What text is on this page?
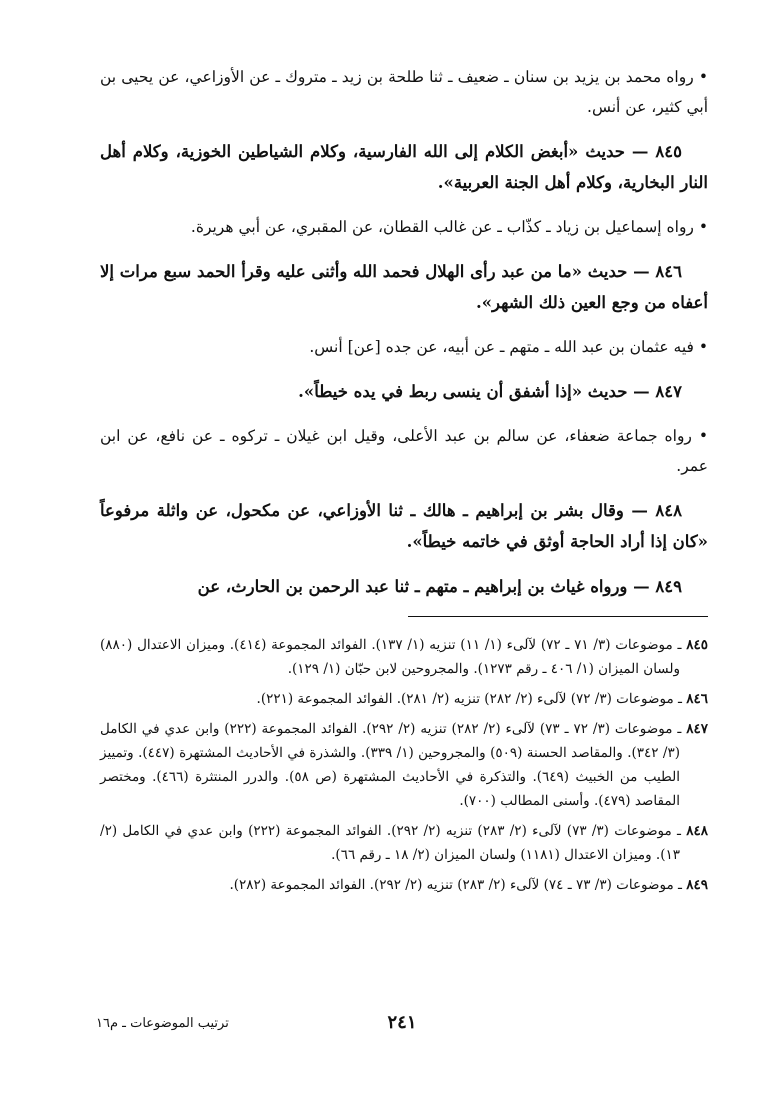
• رواه محمد بن يزيد بن سنان ـ ضعيف ـ ثنا طلحة بن زيد ـ متروك ـ عن الأوزاعي، عن يحيى بن أبي كثير، عن أنس.

٨٤٥ — حديث «أبغض الكلام إلى الله الفارسية، وكلام الشياطين الخوزية، وكلام أهل النار البخارية، وكلام أهل الجنة العربية».

• رواه إسماعيل بن زياد ـ كذّاب ـ عن غالب القطان، عن المقبري، عن أبي هريرة.

٨٤٦ — حديث «ما من عبد رأى الهلال فحمد الله وأثنى عليه وقرأ الحمد سبع مرات إلا أعفاه من وجع العين ذلك الشهر».

• فيه عثمان بن عبد الله ـ متهم ـ عن أبيه، عن جده [عن] أنس.

٨٤٧ — حديث «إذا أشفق أن ينسى ربط في يده خيطاً».

• رواه جماعة ضعفاء، عن سالم بن عبد الأعلى، وقيل ابن غيلان ـ تركوه ـ عن نافع، عن ابن عمر.

٨٤٨ — وقال بشر بن إبراهيم ـ هالك ـ ثنا الأوزاعي، عن مكحول، عن واثلة مرفوعاً «كان إذا أراد الحاجة أوثق في خاتمه خيطاً».

٨٤٩ — ورواه غياث بن إبراهيم ـ متهم ـ ثنا عبد الرحمن بن الحارث، عن

٨٤٥ ـ موضوعات (٣/ ٧١ ـ ٧٢) لآلىء (١/ ١١) تنزيه (١/ ١٣٧). الفوائد المجموعة (٤١٤). وميزان الاعتدال (٨٨٠) ولسان الميزان (١/ ٤٠٦ ـ رقم ١٢٧٣). والمجروحين لابن حبّان (١/ ١٢٩).

٨٤٦ ـ موضوعات (٣/ ٧٢) لآلىء (٢/ ٢٨٢) تنزيه (٢/ ٢٨١). الفوائد المجموعة (٢٢١).

٨٤٧ ـ موضوعات (٣/ ٧٢ ـ ٧٣) لآلىء (٢/ ٢٨٢) تنزيه (٢/ ٢٩٢). الفوائد المجموعة (٢٢٢) وابن عدي في الكامل (٣/ ٣٤٢). والمقاصد الحسنة (٥٠٩) والمجروحين (١/ ٣٣٩). والشذرة في الأحاديث المشتهرة (٤٤٧). وتمييز الطيب من الخبيث (٦٤٩). والتذكرة في الأحاديث المشتهرة (ص ٥٨). والدرر المنتثرة (٤٦٦). ومختصر المقاصد (٤٧٩). وأسنى المطالب (٧٠٠).

٨٤٨ ـ موضوعات (٣/ ٧٣) لآلىء (٢/ ٢٨٣) تنزيه (٢/ ٢٩٢). الفوائد المجموعة (٢٢٢) وابن عدي في الكامل (٢/ ١٣). وميزان الاعتدال (١١٨١) ولسان الميزان (٢/ ١٨ ـ رقم ٦٦).

٨٤٩ ـ موضوعات (٣/ ٧٣ ـ ٧٤) لآلىء (٢/ ٢٨٣) تنزيه (٢/ ٢٩٢). الفوائد المجموعة (٢٨٢).

٢٤١
ترتيب الموضوعات ـ م١٦
